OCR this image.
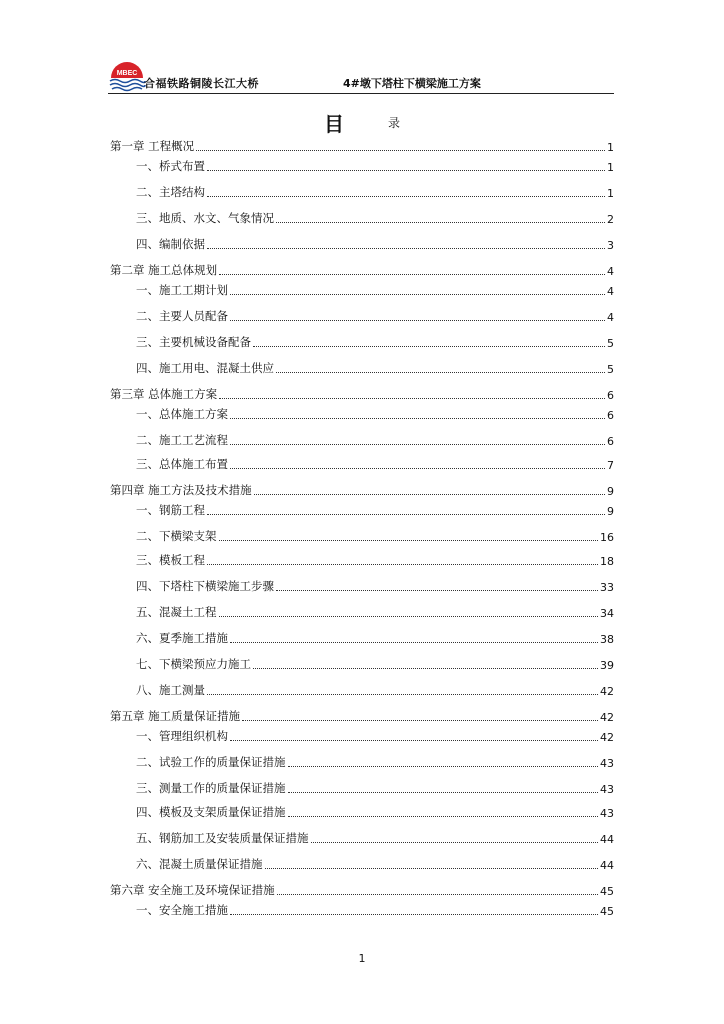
MBEC
合福铁路铜陵长江大桥	4#墩下塔柱下横梁施工方案
目	录
第一章 工程概况	1
一、桥式布置	1
二、主塔结构	1
三、地质、水文、气象情况	2
四、编制依据	3
第二章 施工总体规划	4
一、施工工期计划	4
二、主要人员配备	4
三、主要机械设备配备	5
四、施工用电、混凝土供应	5
第三章 总体施工方案	6
一、总体施工方案	6
二、施工工艺流程	6
三、总体施工布置	7
第四章 施工方法及技术措施	9
一、钢筋工程	9
二、下横梁支架	16
三、模板工程	18
四、下塔柱下横梁施工步骤	33
五、混凝土工程	34
六、夏季施工措施	38
七、下横梁预应力施工	39
八、施工测量	42
第五章 施工质量保证措施	42
一、管理组织机构	42
二、试验工作的质量保证措施	43
三、测量工作的质量保证措施	43
四、模板及支架质量保证措施	43
五、钢筋加工及安装质量保证措施	44
六、混凝土质量保证措施	44
第六章 安全施工及环境保证措施	45
一、安全施工措施	45
1
